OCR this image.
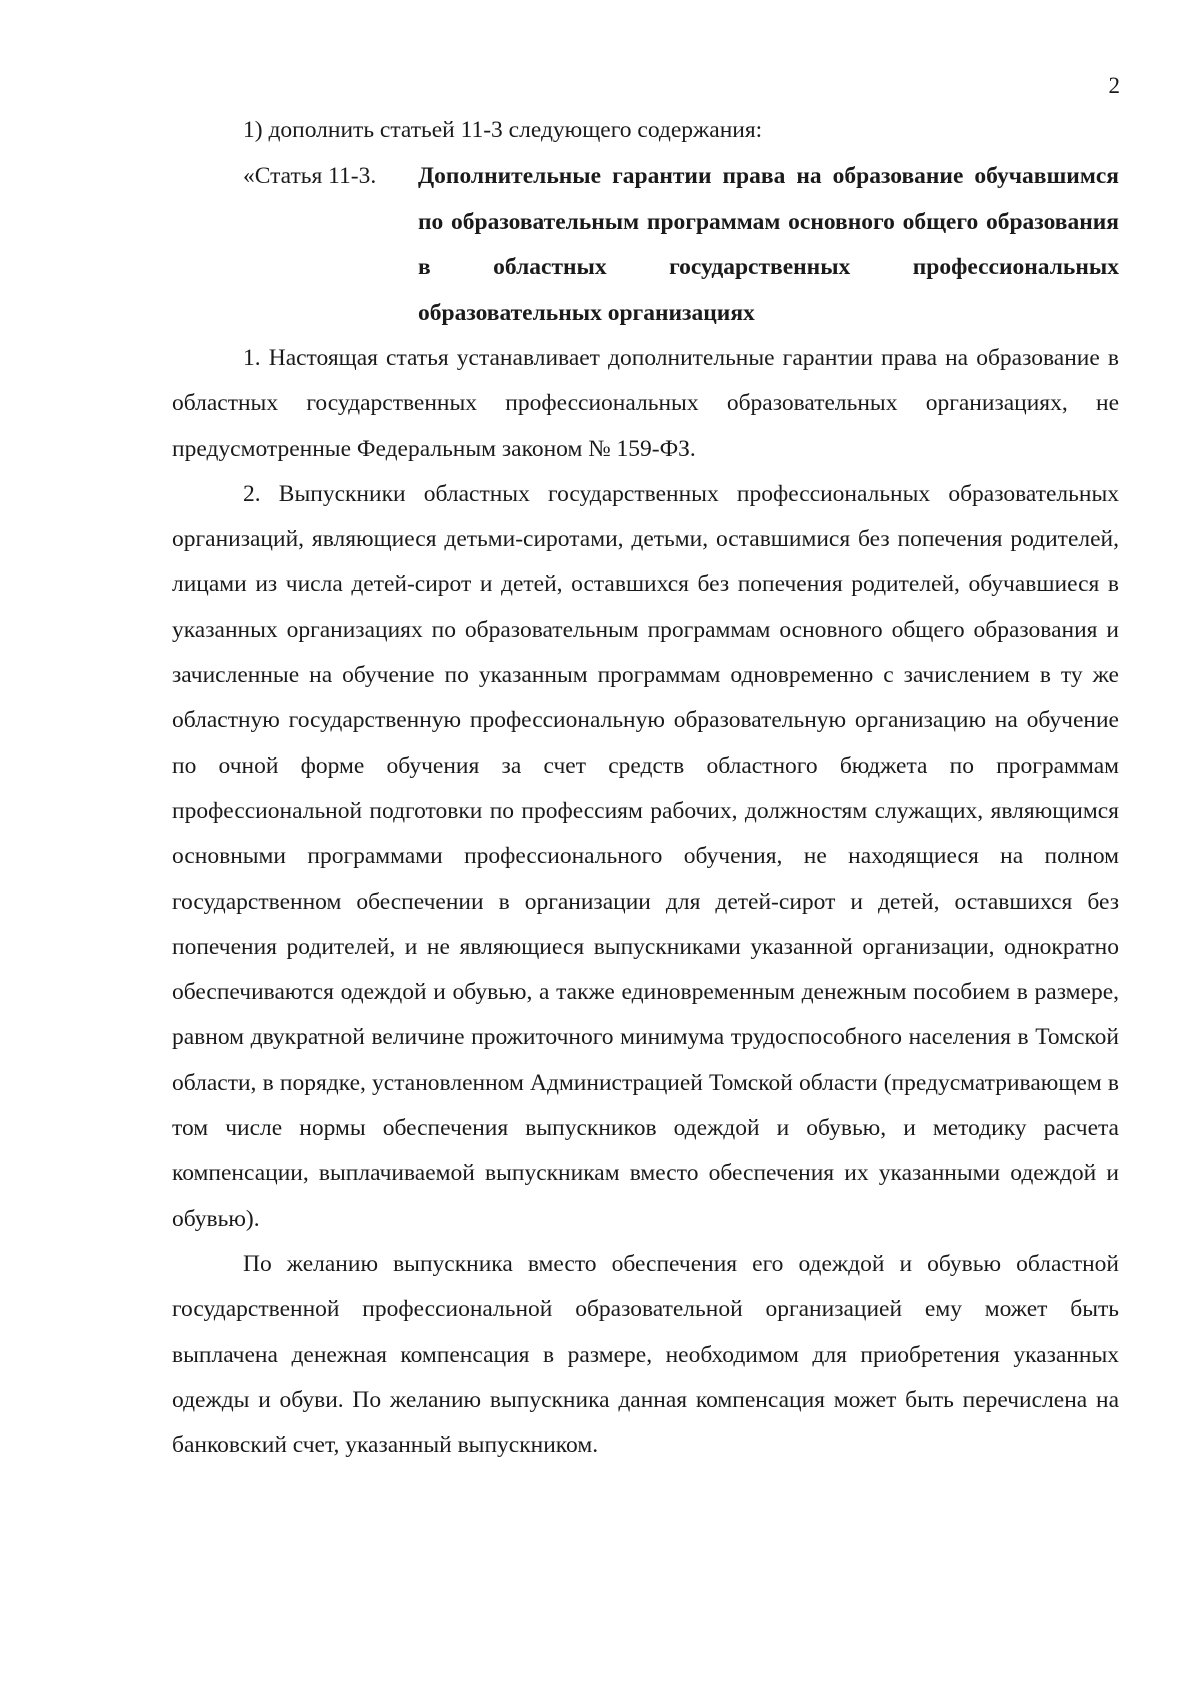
2

1) дополнить статьей 11-3 следующего содержания:

«Статья 11-3.	Дополнительные гарантии права на образование обучавшимся по образовательным программам основного общего образования в областных государственных профессиональных образовательных организациях

1. Настоящая статья устанавливает дополнительные гарантии права на образование в областных государственных профессиональных образовательных организациях, не предусмотренные Федеральным законом № 159-ФЗ.

2. Выпускники областных государственных профессиональных образовательных организаций, являющиеся детьми-сиротами, детьми, оставшимися без попечения родителей, лицами из числа детей-сирот и детей, оставшихся без попечения родителей, обучавшиеся в указанных организациях по образовательным программам основного общего образования и зачисленные на обучение по указанным программам одновременно с зачислением в ту же областную государственную профессиональную образовательную организацию на обучение по очной форме обучения за счет средств областного бюджета по программам профессиональной подготовки по профессиям рабочих, должностям служащих, являющимся основными программами профессионального обучения, не находящиеся на полном государственном обеспечении в организации для детей-сирот и детей, оставшихся без попечения родителей, и не являющиеся выпускниками указанной организации, однократно обеспечиваются одеждой и обувью, а также единовременным денежным пособием в размере, равном двукратной величине прожиточного минимума трудоспособного населения в Томской области, в порядке, установленном Администрацией Томской области (предусматривающем в том числе нормы обеспечения выпускников одеждой и обувью, и методику расчета компенсации, выплачиваемой выпускникам вместо обеспечения их указанными одеждой и обувью).

По желанию выпускника вместо обеспечения его одеждой и обувью областной государственной профессиональной образовательной организацией ему может быть выплачена денежная компенсация в размере, необходимом для приобретения указанных одежды и обуви. По желанию выпускника данная компенсация может быть перечислена на банковский счет, указанный выпускником.
